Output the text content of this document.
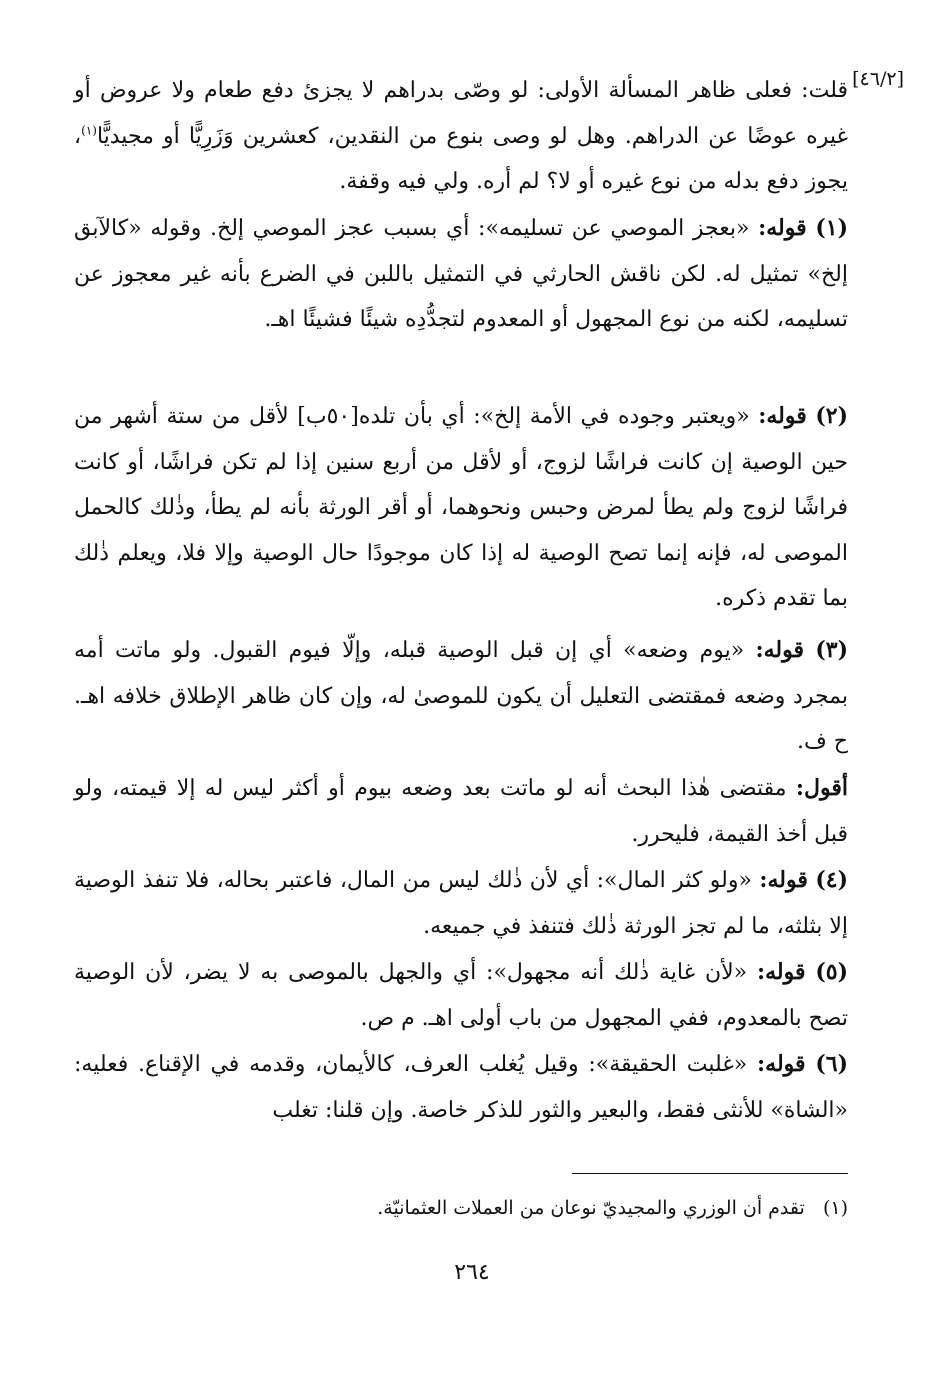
[٤٦/٢]

قلت: فعلى ظاهر المسألة الأولى: لو وصّى بدراهم لا يجزئ دفع طعام ولا عروض أو غيره عوضًا عن الدراهم. وهل لو وصى بنوع من النقدين، كعشرين وَزَرِيًّا أو مجيديًّا$^{(١)}$، يجوز دفع بدله من نوع غيره أو لا؟ لم أره. ولي فيه وقفة.

(١) قوله: «بعجز الموصي عن تسليمه»: أي بسبب عجز الموصي إلخ. وقوله «كالآبق إلخ» تمثيل له. لكن ناقش الحارثي في التمثيل باللبن في الضرع بأنه غير معجوز عن تسليمه، لكنه من نوع المجهول أو المعدوم لتجدُّدِه شيئًا فشيئًا اهـ.

(٢) قوله: «ويعتبر وجوده في الأمة إلخ»: أي بأن تلده[٥٠ب] لأقل من ستة أشهر من حين الوصية إن كانت فراشًا لزوج، أو لأقل من أربع سنين إذا لم تكن فراشًا، أو كانت فراشًا لزوج ولم يطأ لمرض وحبس ونحوهما، أو أقر الورثة بأنه لم يطأ، وذٰلك كالحمل الموصى له، فإنه إنما تصح الوصية له إذا كان موجودًا حال الوصية وإلا فلا، ويعلم ذٰلك بما تقدم ذكره.

(٣) قوله: «يوم وضعه» أي إن قبل الوصية قبله، وإلّا فيوم القبول. ولو ماتت أمه بمجرد وضعه فمقتضى التعليل أن يكون للموصىٰ له، وإن كان ظاهر الإطلاق خلافه اهـ. ح ف.

أقول: مقتضى هٰذا البحث أنه لو ماتت بعد وضعه بيوم أو أكثر ليس له إلا قيمته، ولو قبل أخذ القيمة، فليحرر.

(٤) قوله: «ولو كثر المال»: أي لأن ذٰلك ليس من المال، فاعتبر بحاله، فلا تنفذ الوصية إلا بثلثه، ما لم تجز الورثة ذٰلك فتنفذ في جميعه.

(٥) قوله: «لأن غاية ذٰلك أنه مجهول»: أي والجهل بالموصى به لا يضر، لأن الوصية تصح بالمعدوم، ففي المجهول من باب أولى اهـ. م ص.

(٦) قوله: «غلبت الحقيقة»: وقيل يُغلب العرف، كالأيمان، وقدمه في الإقناع. فعليه: «الشاة» للأنثى فقط، والبعير والثور للذكر خاصة. وإن قلنا: تغلب

(١)   تقدم أن الوزري والمجيديّ نوعان من العملات العثمانيّة.

٢٦٤
